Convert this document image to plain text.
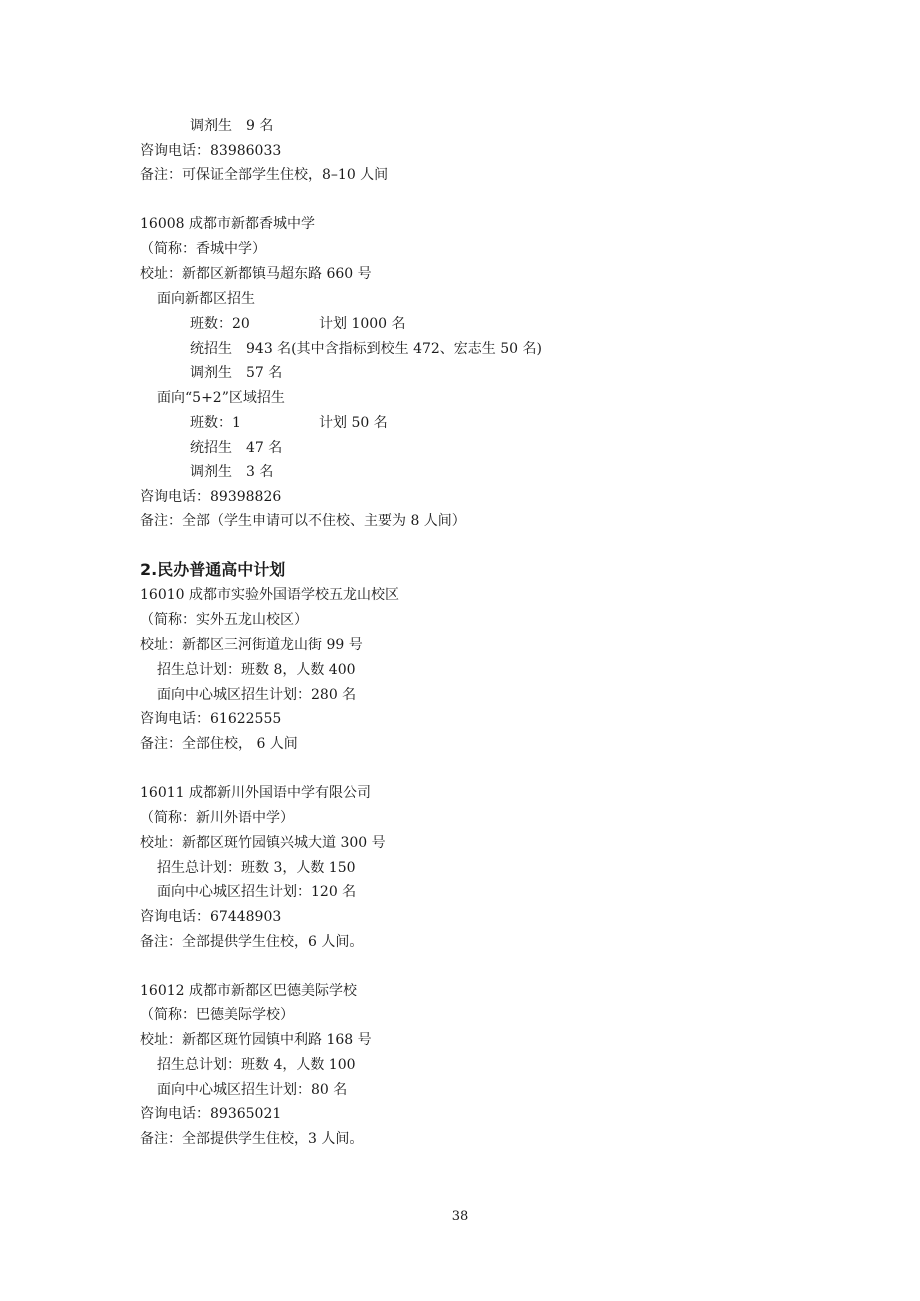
调剂生　9 名
咨询电话：83986033
备注：可保证全部学生住校，8–10 人间
16008 成都市新都香城中学
（简称：香城中学）
校址：新都区新都镇马超东路 660 号
面向新都区招生
班数：20	计划 1000 名
统招生　943 名(其中含指标到校生 472、宏志生 50 名)
调剂生　57 名
面向“5+2”区域招生
班数：1	计划 50 名
统招生　47 名
调剂生　3 名
咨询电话：89398826
备注：全部（学生申请可以不住校、主要为 8 人间）
2.民办普通高中计划
16010 成都市实验外国语学校五龙山校区
（简称：实外五龙山校区）
校址：新都区三河街道龙山街 99 号
招生总计划：班数 8，人数 400
面向中心城区招生计划：280 名
咨询电话：61622555
备注：全部住校， 6 人间
16011 成都新川外国语中学有限公司
（简称：新川外语中学）
校址：新都区斑竹园镇兴城大道 300 号
招生总计划：班数 3，人数 150
面向中心城区招生计划：120 名
咨询电话：67448903
备注：全部提供学生住校，6 人间。
16012 成都市新都区巴德美际学校
（简称：巴德美际学校）
校址：新都区斑竹园镇中利路 168 号
招生总计划：班数 4，人数 100
面向中心城区招生计划：80 名
咨询电话：89365021
备注：全部提供学生住校，3 人间。
38
